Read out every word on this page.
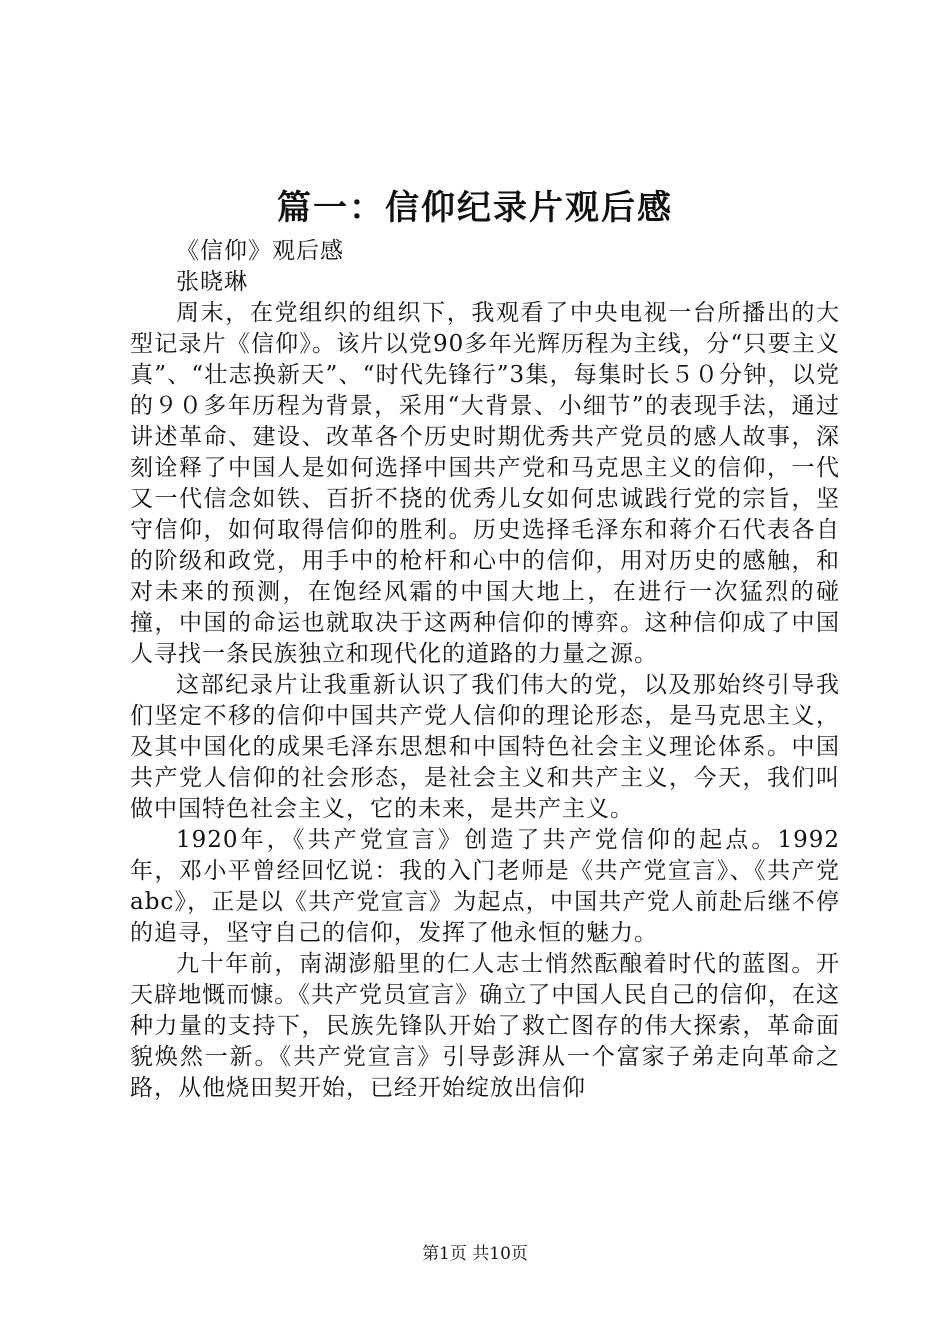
篇一：信仰纪录片观后感

《信仰》观后感

张晓琳

周末，在党组织的组织下，我观看了中央电视一台所播出的大型记录片《信仰》。该片以党90多年光辉历程为主线，分“只要主义真”、“壮志换新天”、“时代先锋行”3集，每集时长５０分钟，以党的９０多年历程为背景，采用“大背景、小细节”的表现手法，通过讲述革命、建设、改革各个历史时期优秀共产党员的感人故事，深刻诠释了中国人是如何选择中国共产党和马克思主义的信仰，一代又一代信念如铁、百折不挠的优秀儿女如何忠诚践行党的宗旨，坚守信仰，如何取得信仰的胜利。历史选择毛泽东和蒋介石代表各自的阶级和政党，用手中的枪杆和心中的信仰，用对历史的感触，和对未来的预测，在饱经风霜的中国大地上，在进行一次猛烈的碰撞，中国的命运也就取决于这两种信仰的博弈。这种信仰成了中国人寻找一条民族独立和现代化的道路的力量之源。

这部纪录片让我重新认识了我们伟大的党，以及那始终引导我们坚定不移的信仰中国共产党人信仰的理论形态，是马克思主义，及其中国化的成果毛泽东思想和中国特色社会主义理论体系。中国共产党人信仰的社会形态，是社会主义和共产主义，今天，我们叫做中国特色社会主义，它的未来，是共产主义。

1920年，《共产党宣言》创造了共产党信仰的起点。1992年，邓小平曾经回忆说：我的入门老师是《共产党宣言》、《共产党abc》，正是以《共产党宣言》为起点，中国共产党人前赴后继不停的追寻，坚守自己的信仰，发挥了他永恒的魅力。

九十年前，南湖澎船里的仁人志士悄然酝酿着时代的蓝图。开天辟地慨而慷。《共产党员宣言》确立了中国人民自己的信仰，在这种力量的支持下，民族先锋队开始了救亡图存的伟大探索，革命面貌焕然一新。《共产党宣言》引导彭湃从一个富家子弟走向革命之路，从他烧田契开始，已经开始绽放出信仰

第1页 共10页
